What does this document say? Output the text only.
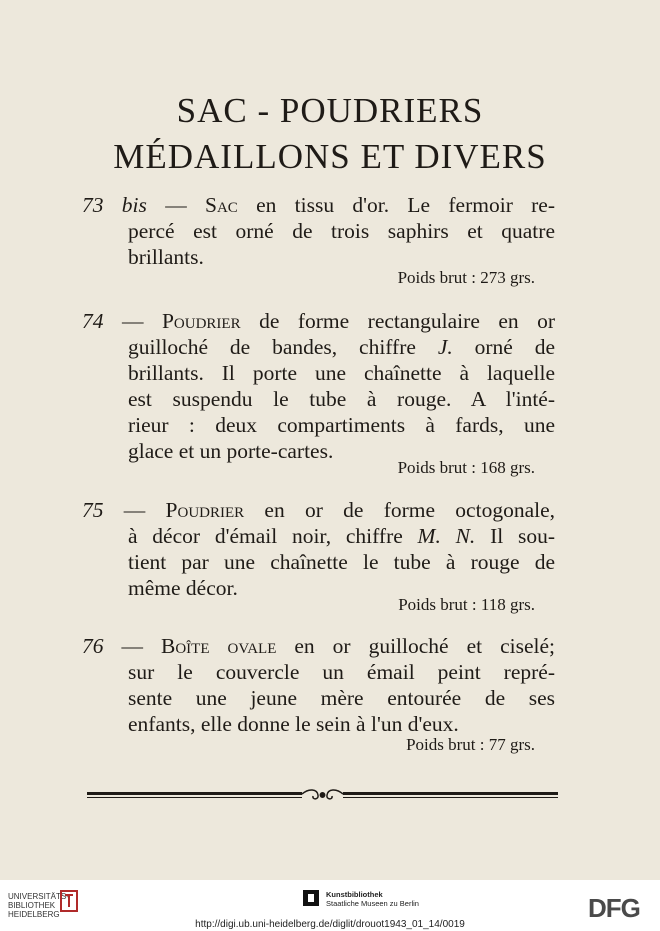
SAC - POUDRIERS
MÉDAILLONS ET DIVERS
73 bis — Sac en tissu d'or. Le fermoir re-
percé est orné de trois saphirs et quatre
brillants.
Poids brut : 273 grs.
74 — Poudrier de forme rectangulaire en or
guilloché de bandes, chiffre J. orné de
brillants. Il porte une chaînette à laquelle
est suspendu le tube à rouge. A l'inté-
rieur : deux compartiments à fards, une
glace et un porte-cartes.
Poids brut : 168 grs.
75 — Poudrier en or de forme octogonale,
à décor d'émail noir, chiffre M. N. Il sou-
tient par une chaînette le tube à rouge de
même décor.
Poids brut : 118 grs.
76 — Boîte ovale en or guilloché et ciselé;
sur le couvercle un émail peint repré-
sente une jeune mère entourée de ses
enfants, elle donne le sein à l'un d'eux.
Poids brut : 77 grs.
UNIVERSITÄTS-
BIBLIOTHEK
HEIDELBERG
Kunstbibliothek
Staatliche Museen zu Berlin	DFG
http://digi.ub.uni-heidelberg.de/diglit/drouot1943_01_14/0019
